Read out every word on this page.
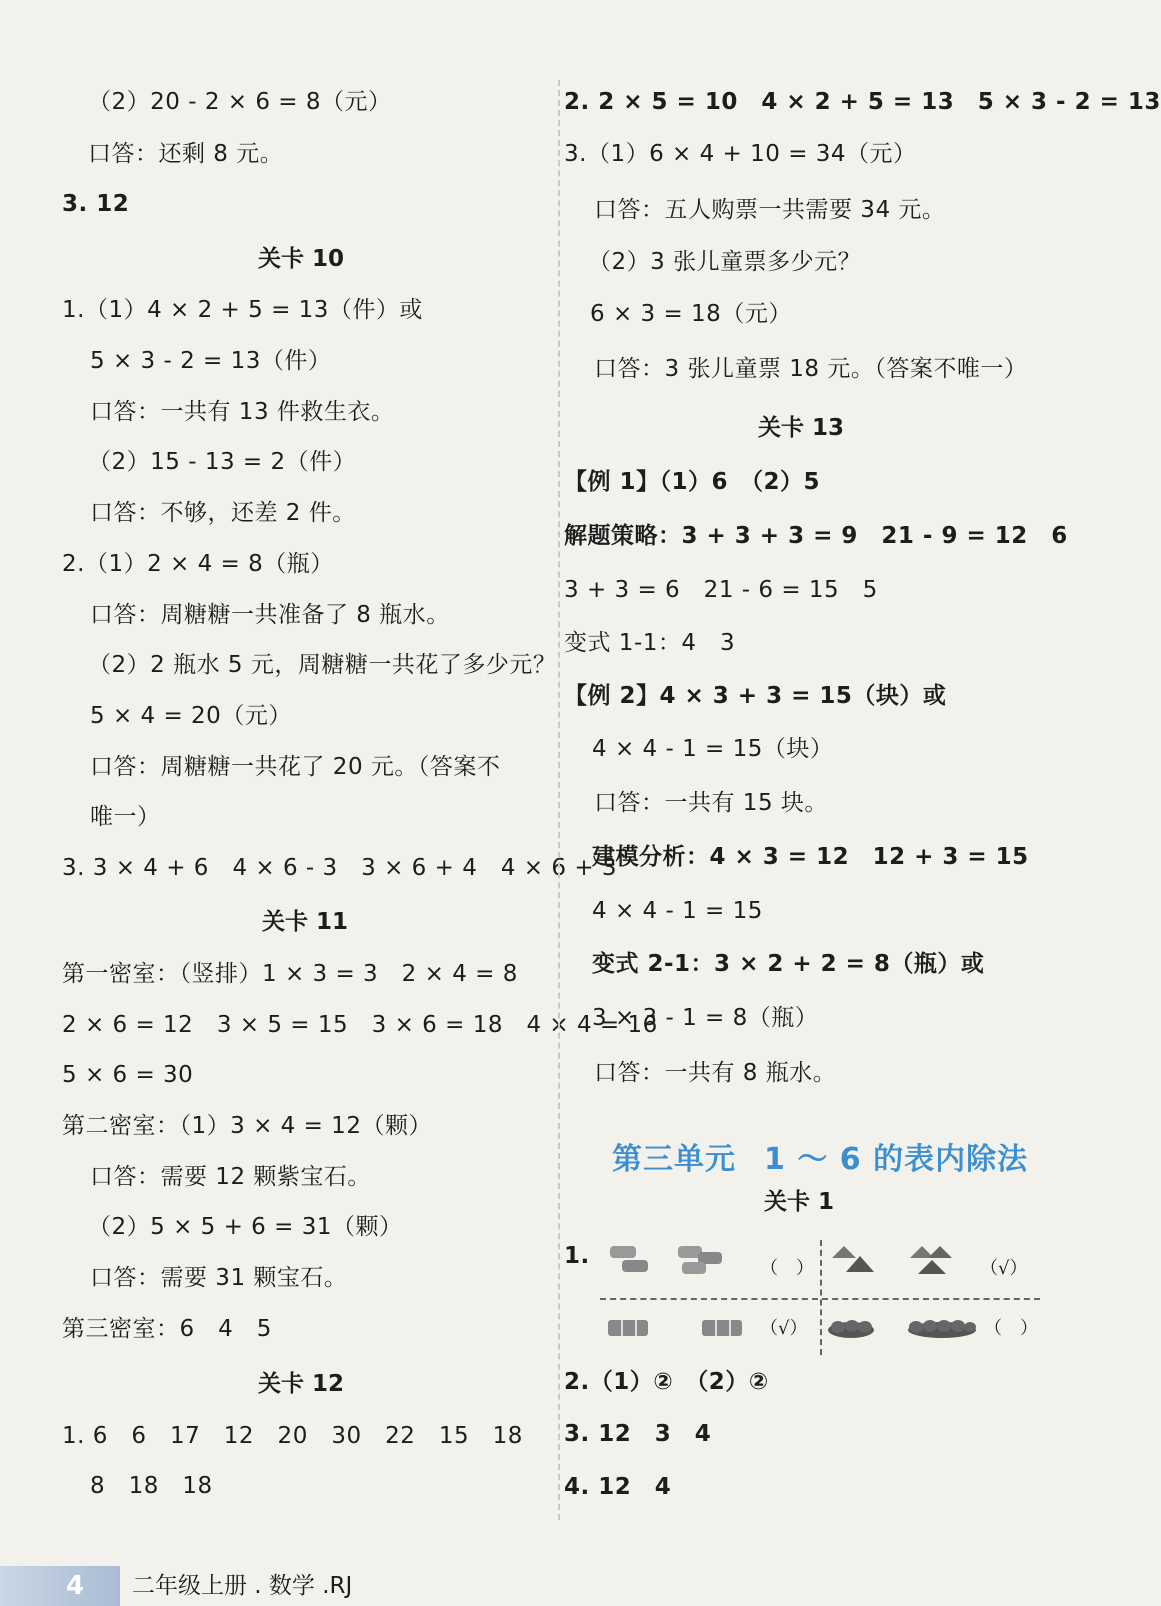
（2）20 - 2 × 6 = 8（元）
口答：还剩 8 元。
3. 12
关卡 10
1.（1）4 × 2 + 5 = 13（件）或
5 × 3 - 2 = 13（件）
口答：一共有 13 件救生衣。
（2）15 - 13 = 2（件）
口答：不够，还差 2 件。
2.（1）2 × 4 = 8（瓶）
口答：周糖糖一共准备了 8 瓶水。
（2）2 瓶水 5 元，周糖糖一共花了多少元？
5 × 4 = 20（元）
口答：周糖糖一共花了 20 元。（答案不
唯一）
3. 3 × 4 + 6　4 × 6 - 3　3 × 6 + 4　4 × 6 + 3
关卡 11
第一密室：（竖排）1 × 3 = 3　2 × 4 = 8
2 × 6 = 12　3 × 5 = 15　3 × 6 = 18　4 × 4 = 16
5 × 6 = 30
第二密室：（1）3 × 4 = 12（颗）
口答：需要 12 颗紫宝石。
（2）5 × 5 + 6 = 31（颗）
口答：需要 31 颗宝石。
第三密室：6　4　5
关卡 12
1. 6　6　17　12　20　30　22　15　18
8　18　18
2. 2 × 5 = 10　4 × 2 + 5 = 13　5 × 3 - 2 = 13
3.（1）6 × 4 + 10 = 34（元）
口答：五人购票一共需要 34 元。
（2）3 张儿童票多少元？
6 × 3 = 18（元）
口答：3 张儿童票 18 元。（答案不唯一）
关卡 13
【例 1】（1）6　（2）5
解题策略：3 + 3 + 3 = 9　21 - 9 = 12　6
3 + 3 = 6　21 - 6 = 15　5
变式 1-1：4　3
【例 2】4 × 3 + 3 = 15（块）或
4 × 4 - 1 = 15（块）
口答：一共有 15 块。
建模分析：4 × 3 = 12　12 + 3 = 15
4 × 4 - 1 = 15
变式 2-1：3 × 2 + 2 = 8（瓶）或
3 × 3 - 1 = 8（瓶）
口答：一共有 8 瓶水。
关卡 1
1.
2.（1）②　（2）②
3. 12　3　4
4. 12　4
第三单元 1 ～ 6 的表内除法
（　）	（√）
（√）	（　）
4 二年级上册 . 数学 .RJ
